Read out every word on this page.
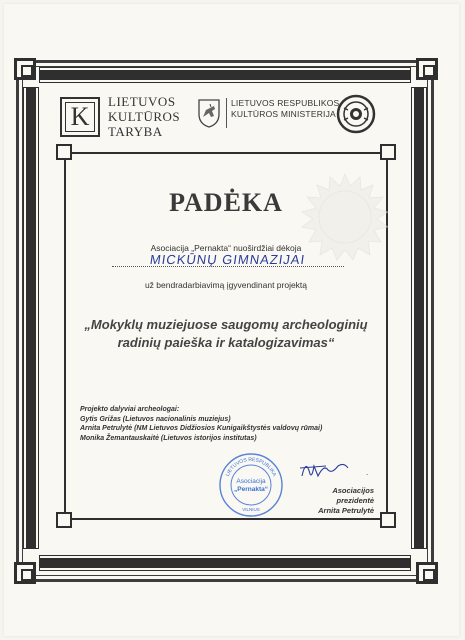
K LIETUVOS
KULTŪROS
TARYBA
LIETUVOS RESPUBLIKOS
KULTŪROS MINISTERIJA
PADĖKA
Asociacija „Pernakta“ nuoširdžiai dėkoja
MICKŪNŲ GIMNAZIJAI
už bendradarbiavimą įgyvendinant projektą
„Mokyklų muziejuose saugomų archeologinių
radinių paieška ir katalogizavimas“
Projekto dalyviai archeologai:
Gytis Grižas (Lietuvos nacionalinis muziejus)
Arnita Petrulytė (NM Lietuvos Didžiosios Kunigaikštystės valdovų rūmai)
Monika Žemantauskaitė (Lietuvos istorijos institutas)
LIETUVOS RESPUBLIKA
Asociacija
„Pernakta“
VILNIUS
.
Asociacijos prezidentė
Arnita Petrulytė
